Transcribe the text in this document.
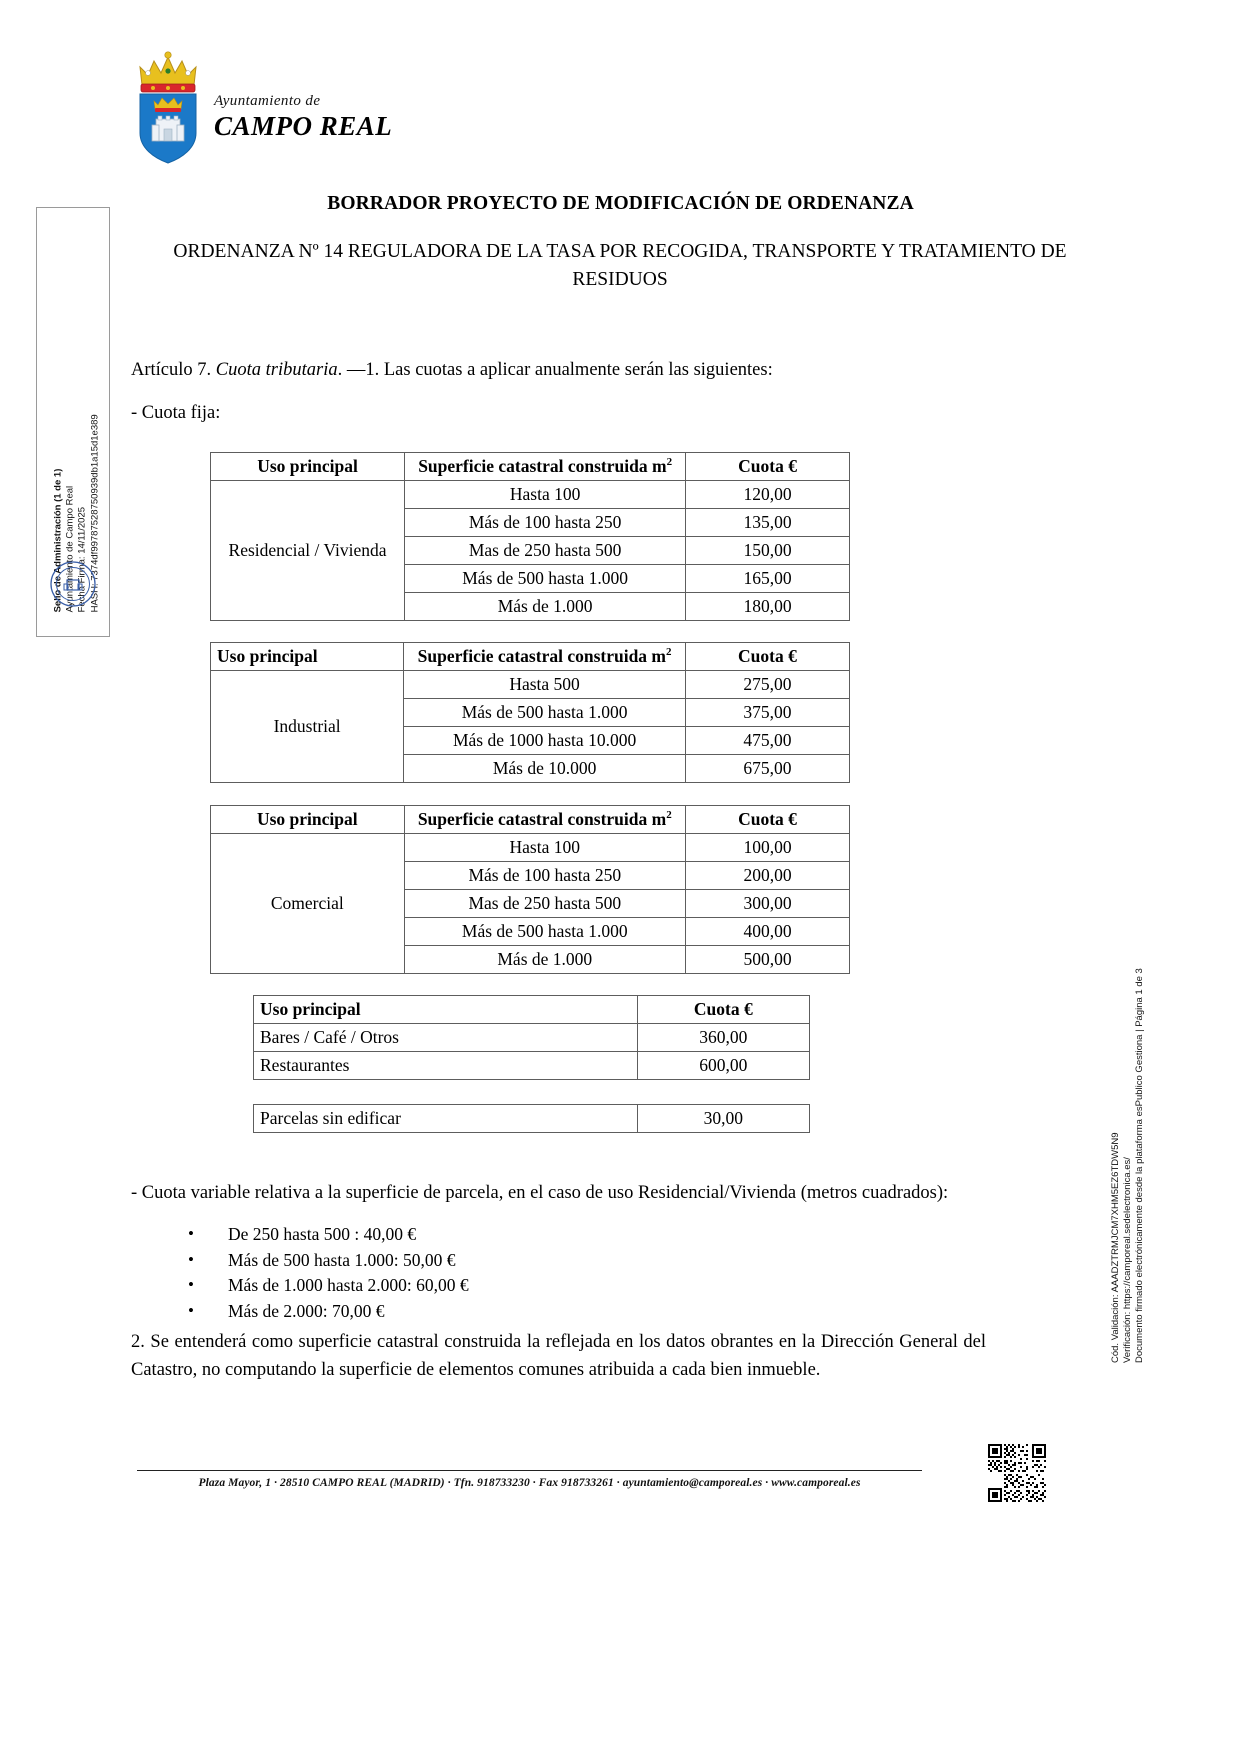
Ayuntamiento de
CAMPO REAL
Sello de Administración (1 de 1)
Ayuntamiento de Campo Real
Fecha Firma: 14/11/2025
HASH: 7374df99787528750939db1a15d1e389
BORRADOR PROYECTO DE MODIFICACIÓN DE ORDENANZA
ORDENANZA Nº 14 REGULADORA DE LA TASA POR RECOGIDA, TRANSPORTE Y TRATAMIENTO DE RESIDUOS
Artículo 7. Cuota tributaria. —1. Las cuotas a aplicar anualmente serán las siguientes:
- Cuota fija:
Uso principal	Superficie catastral construida $m^2$	Cuota €
Residencial / Vivienda	Hasta 100	120,00
	Más de 100 hasta 250	135,00
	Mas de 250 hasta 500	150,00
	Más de 500 hasta 1.000	165,00
	Más de 1.000	180,00
Uso principal	Superficie catastral construida $m^2$	Cuota €
Industrial	Hasta 500	275,00
	Más de 500 hasta 1.000	375,00
	Más de 1000 hasta 10.000	475,00
	Más de 10.000	675,00
Uso principal	Superficie catastral construida $m^2$	Cuota €
Comercial	Hasta 100	100,00
	Más de 100 hasta 250	200,00
	Mas de 250 hasta 500	300,00
	Más de 500 hasta 1.000	400,00
	Más de 1.000	500,00
Uso principal	Cuota €
Bares / Café / Otros	360,00
Restaurantes	600,00
Parcelas sin edificar	30,00
- Cuota variable relativa a la superficie de parcela, en el caso de uso Residencial/Vivienda (metros cuadrados):
• De 250 hasta 500 : 40,00 €
• Más de 500 hasta 1.000: 50,00 €
• Más de 1.000 hasta 2.000: 60,00 €
• Más de 2.000: 70,00 €
2. Se entenderá como superficie catastral construida la reflejada en los datos obrantes en la Dirección General del Catastro, no computando la superficie de elementos comunes atribuida a cada bien inmueble.
Cód. Validación: AAADZTRMJCM7XHM5EZ6TDW5N9
Verificación: https://camporeal.sedelectronica.es/
Documento firmado electrónicamente desde la plataforma esPublico Gestiona | Página 1 de 3
Plaza Mayor, 1 · 28510 CAMPO REAL (MADRID) · Tfn. 918733230 · Fax 918733261 · ayuntamiento@camporeal.es · www.camporeal.es
